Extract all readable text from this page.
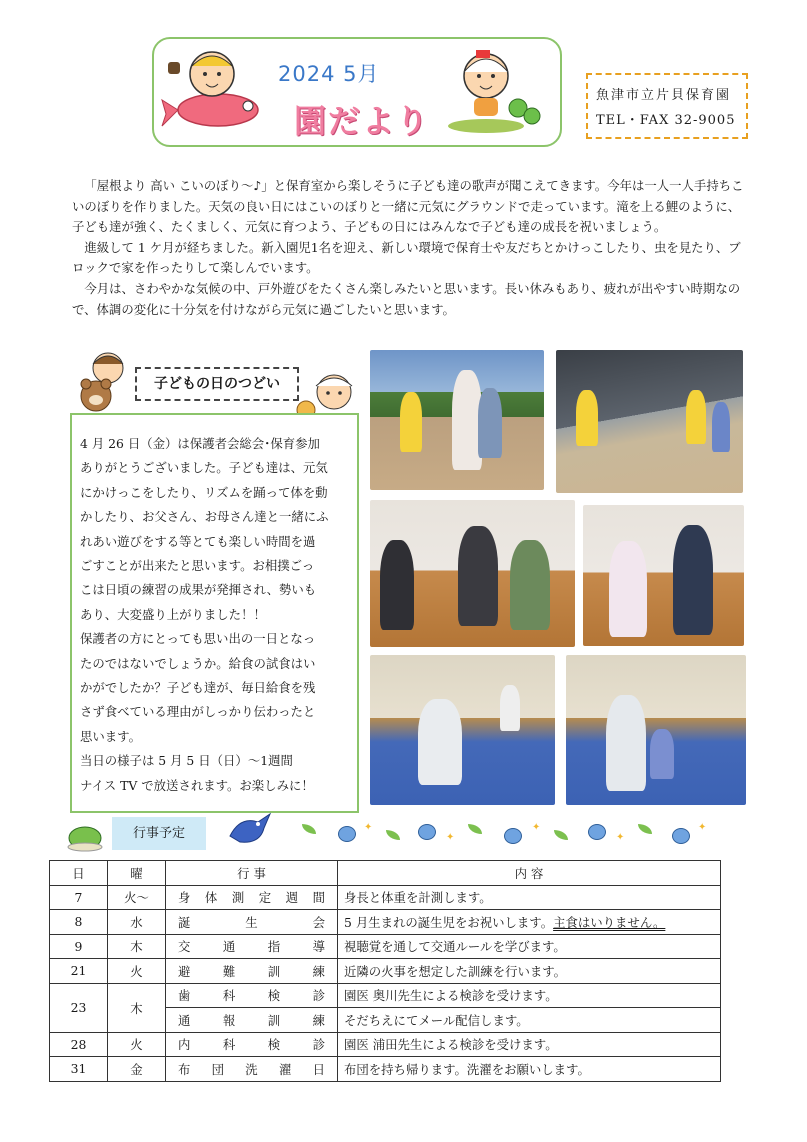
2024 5月
園だより
魚津市立片貝保育園
TEL・FAX 32-9005

「屋根より 高い こいのぼり～♪」と保育室から楽しそうに子ども達の歌声が聞こえてきます。今年は一人一人手持ちこいのぼりを作りました。天気の良い日にはこいのぼりと一緒に元気にグラウンドで走っています。滝を上る鯉のように、子ども達が強く、たくましく、元気に育つよう、子どもの日にはみんなで子ども達の成長を祝いましょう。

進級して 1 ケ月が経ちました。新入園児1名を迎え、新しい環境で保育士や友だちとかけっこしたり、虫を見たり、ブロックで家を作ったりして楽しんでいます。

今月は、さわやかな気候の中、戸外遊びをたくさん楽しみたいと思います。長い休みもあり、疲れが出やすい時期なので、体調の変化に十分気を付けながら元気に過ごしたいと思います。

子どもの日のつどい
4 月 26 日（金）は保護者会総会･保育参加
ありがとうございました。子ども達は、元気
にかけっこをしたり、リズムを踊って体を動
かしたり、お父さん、お母さん達と一緒にふ
れあい遊びをする等とても楽しい時間を過
ごすことが出来たと思います。お相撲ごっ
こは日頃の練習の成果が発揮され、勢いも
あり、大変盛り上がりました！！
保護者の方にとっても思い出の一日となっ
たのではないでしょうか。給食の試食はい
かがでしたか？子ども達が、毎日給食を残
さず食べている理由がしっかり伝わったと
思います。
当日の様子は 5 月 5 日（日）～1週間
ナイス TV で放送されます。お楽しみに！
行事予定	✦
✦
✦
✦
✦
日	曜	行 事	内 容
7	火～	身体測定週間	身長と体重を計測します。
8	水	誕生会	5 月生まれの誕生児をお祝いします。主食はいりません。
9	木	交通指導	視聴覚を通して交通ルールを学びます。
21	火	避難訓練	近隣の火事を想定した訓練を行います。
23	木	歯科検診	園医 奥川先生による検診を受けます。
		通報訓練	そだちえにてメール配信します。
28	火	内科検診	園医 浦田先生による検診を受けます。
31	金	布団洗濯日	布団を持ち帰ります。洗濯をお願いします。
